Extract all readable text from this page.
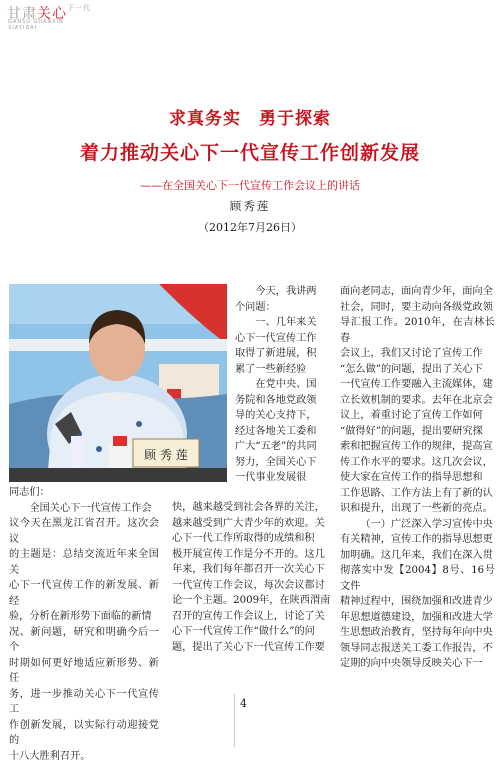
甘肃关心$^{下一代}$
GANSU GUANXIN
XIAYIDAI
求真务实　勇于探索
着力推动关心下一代宣传工作创新发展
——在全国关心下一代宣传工作会议上的讲话
顾秀莲
（2012年7月26日）
顾 秀 莲

今天，我讲两

个问题：

一、几年来关

心下一代宣传工作

取得了新进展，积

累了一些新经验

在党中央、国

务院和各地党政领

导的关心支持下，

经过各地关工委和

广大“五老”的共同

努力，全国关心下

一代事业发展很

同志们：

全国关心下一代宣传工作会

议今天在黑龙江省召开。这次会议

的主题是：总结交流近年来全国关

心下一代宣传工作的新发展、新经

验，分析在新形势下面临的新情

况、新问题，研究和明确今后一个

时期如何更好地适应新形势、新任

务，进一步推动关心下一代宣传工

作创新发展，以实际行动迎接党的

十八大胜利召开。

快，越来越受到社会各界的关注，

越来越受到广大青少年的欢迎。关

心下一代工作所取得的成绩和积

极开展宣传工作是分不开的。这几

年来，我们每年都召开一次关心下

一代宣传工作会议，每次会议都讨

论一个主题。2009年，在陕西渭南

召开的宣传工作会议上，讨论了关

心下一代宣传工作“做什么”的问

题，提出了关心下一代宣传工作要

面向老同志，面向青少年，面向全

社会，同时，要主动向各级党政领

导汇报工作。2010年，在吉林长春

会议上，我们又讨论了宣传工作

“怎么做”的问题，提出了关心下

一代宣传工作要融入主流媒体，建

立长效机制的要求。去年在北京会

议上，着重讨论了宣传工作如何

“做得好”的问题，提出要研究探

索和把握宣传工作的规律，提高宣

传工作水平的要求。这几次会议，

使大家在宣传工作的指导思想和

工作思路、工作方法上有了新的认

识和提升，出现了一些新的亮点。

（一）广泛深入学习宣传中央

有关精神，宣传工作的指导思想更

加明确。这几年来，我们在深入贯

彻落实中发【2004】8号、16号文件

精神过程中，围绕加强和改进青少

年思想道德建设，加强和改进大学

生思想政治教育，坚持每年向中央

领导同志报送关工委工作报告，不

定期的向中央领导反映关心下一

4
